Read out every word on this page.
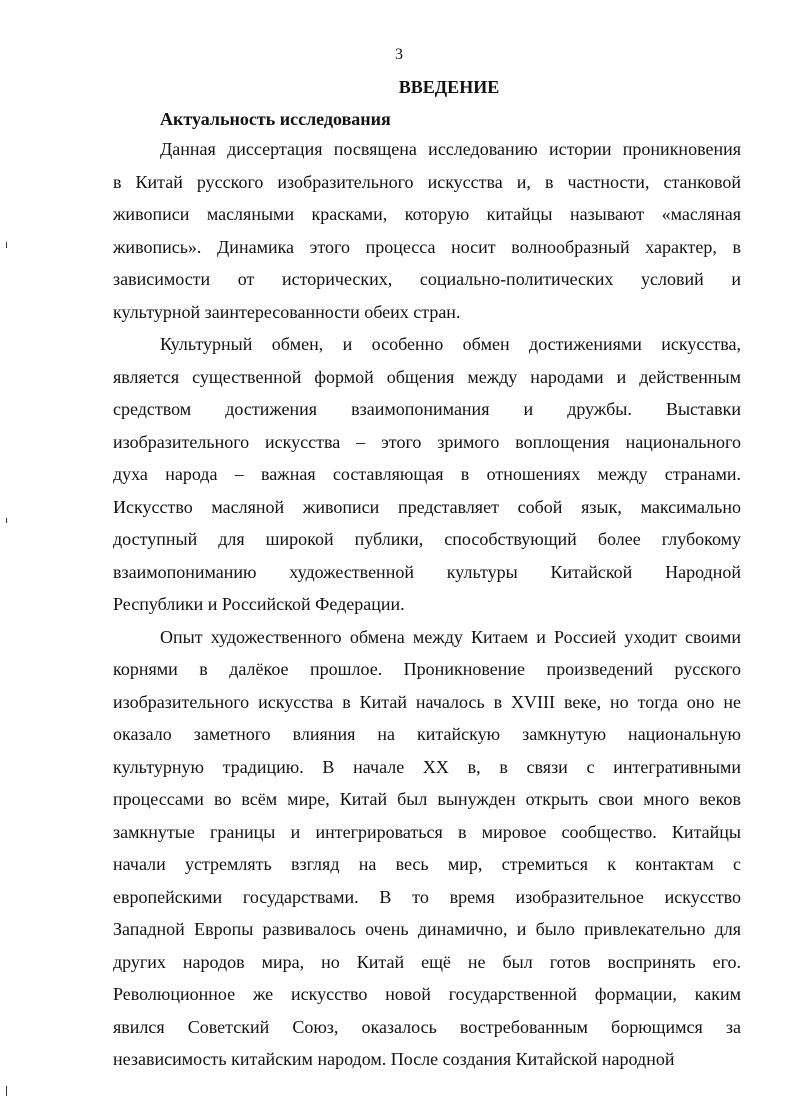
3
ВВЕДЕНИЕ
Актуальность исследования
Данная диссертация посвящена исследованию истории проникновения
в Китай русского изобразительного искусства и, в частности, станковой
живописи масляными красками, которую китайцы называют «масляная
живопись». Динамика этого процесса носит волнообразный характер, в
зависимости от исторических, социально-политических условий и
культурной заинтересованности обеих стран.
Культурный обмен, и особенно обмен достижениями искусства,
является существенной формой общения между народами и действенным
средством достижения взаимопонимания и дружбы. Выставки
изобразительного искусства – этого зримого воплощения национального
духа народа – важная составляющая в отношениях между странами.
Искусство масляной живописи представляет собой язык, максимально
доступный для широкой публики, способствующий более глубокому
взаимопониманию художественной культуры Китайской Народной
Республики и Российской Федерации.
Опыт художественного обмена между Китаем и Россией уходит своими
корнями в далёкое прошлое. Проникновение произведений русского
изобразительного искусства в Китай началось в XVIII веке, но тогда оно не
оказало заметного влияния на китайскую замкнутую национальную
культурную традицию. В начале XX в, в связи с интегративными
процессами во всём мире, Китай был вынужден открыть свои много веков
замкнутые границы и интегрироваться в мировое сообщество. Китайцы
начали устремлять взгляд на весь мир, стремиться к контактам с
европейскими государствами. В то время изобразительное искусство
Западной Европы развивалось очень динамично, и было привлекательно для
других народов мира, но Китай ещё не был готов воспринять его.
Революционное же искусство новой государственной формации, каким
явился Советский Союз, оказалось востребованным борющимся за
независимость китайским народом. После создания Китайской народной
